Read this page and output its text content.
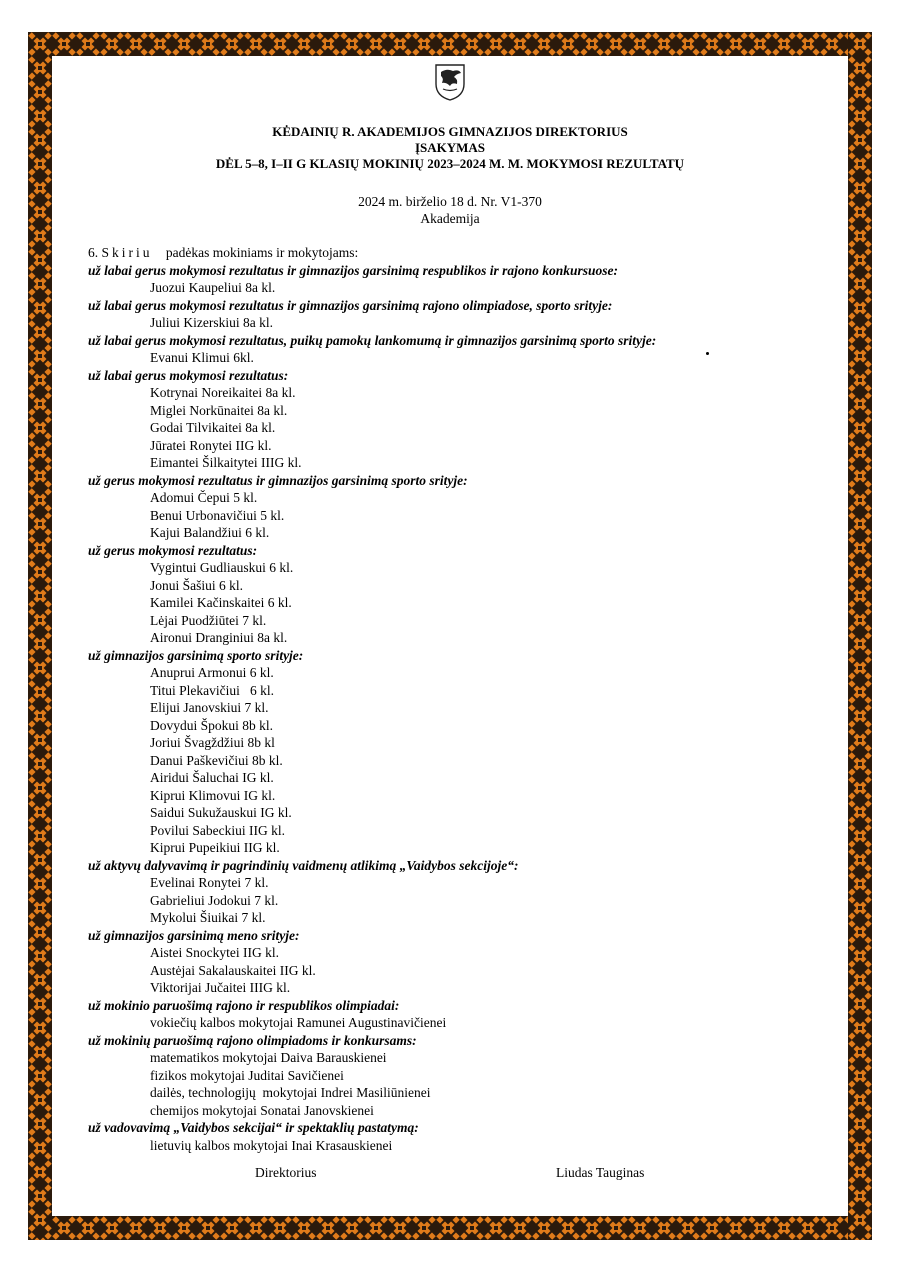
KĖDAINIŲ R. AKADEMIJOS GIMNAZIJOS DIREKTORIUS
ĮSAKYMAS
DĖL 5–8, I–II G KLASIŲ MOKINIŲ 2023–2024 M. M. MOKYMOSI REZULTATŲ
2024 m. birželio 18 d. Nr. V1-370
Akademija
6. Skiriu padėkas mokiniams ir mokytojams:
už labai gerus mokymosi rezultatus ir gimnazijos garsinimą respublikos ir rajono konkursuose:
Juozui Kaupeliui 8a kl.
už labai gerus mokymosi rezultatus ir gimnazijos garsinimą rajono olimpiadose, sporto srityje:
Juliui Kizerskiui 8a kl.
už labai gerus mokymosi rezultatus, puikų pamokų lankomumą ir gimnazijos garsinimą sporto srityje:
Evanui Klimui 6kl.
už labai gerus mokymosi rezultatus:
Kotrynai Noreikaitei 8a kl.
Miglei Norkūnaitei 8a kl.
Godai Tilvikaitei 8a kl.
Jūratei Ronytei IIG kl.
Eimantei Šilkaitytei IIIG kl.
už gerus mokymosi rezultatus ir gimnazijos garsinimą sporto srityje:
Adomui Čepui 5 kl.
Benui Urbonavičiui 5 kl.
Kajui Balandžiui 6 kl.
už gerus mokymosi rezultatus:
Vygintui Gudliauskui 6 kl.
Jonui Šašiui 6 kl.
Kamilei Kačinskaitei 6 kl.
Lėjai Puodžiūtei 7 kl.
Aironui Dranginiui 8a kl.
už gimnazijos garsinimą sporto srityje:
Anuprui Armonui 6 kl.
Titui Plekavičiui   6 kl.
Elijui Janovskiui 7 kl.
Dovydui Špokui 8b kl.
Joriui Švagždžiui 8b kl
Danui Paškevičiui 8b kl.
Airidui Šaluchai IG kl.
Kiprui Klimovui IG kl.
Saidui Sukužauskui IG kl.
Povilui Sabeckiui IIG kl.
Kiprui Pupeikiui IIG kl.
už aktyvų dalyvavimą ir pagrindinių vaidmenų atlikimą „Vaidybos sekcijoje“:
Evelinai Ronytei 7 kl.
Gabrieliui Jodokui 7 kl.
Mykolui Šiuikai 7 kl.
už gimnazijos garsinimą meno srityje:
Aistei Snockytei IIG kl.
Austėjai Sakalauskaitei IIG kl.
Viktorijai Jučaitei IIIG kl.
už mokinio paruošimą rajono ir respublikos olimpiadai:
vokiečių kalbos mokytojai Ramunei Augustinavičienei
už mokinių paruošimą rajono olimpiadoms ir konkursams:
matematikos mokytojai Daiva Barauskienei
fizikos mokytojai Juditai Savičienei
dailės, technologijų  mokytojai Indrei Masiliūnienei
chemijos mokytojai Sonatai Janovskienei
už vadovavimą „Vaidybos sekcijai“ ir spektaklių pastatymą:
lietuvių kalbos mokytojai Inai Krasauskienei
Direktorius	Liudas Tauginas
